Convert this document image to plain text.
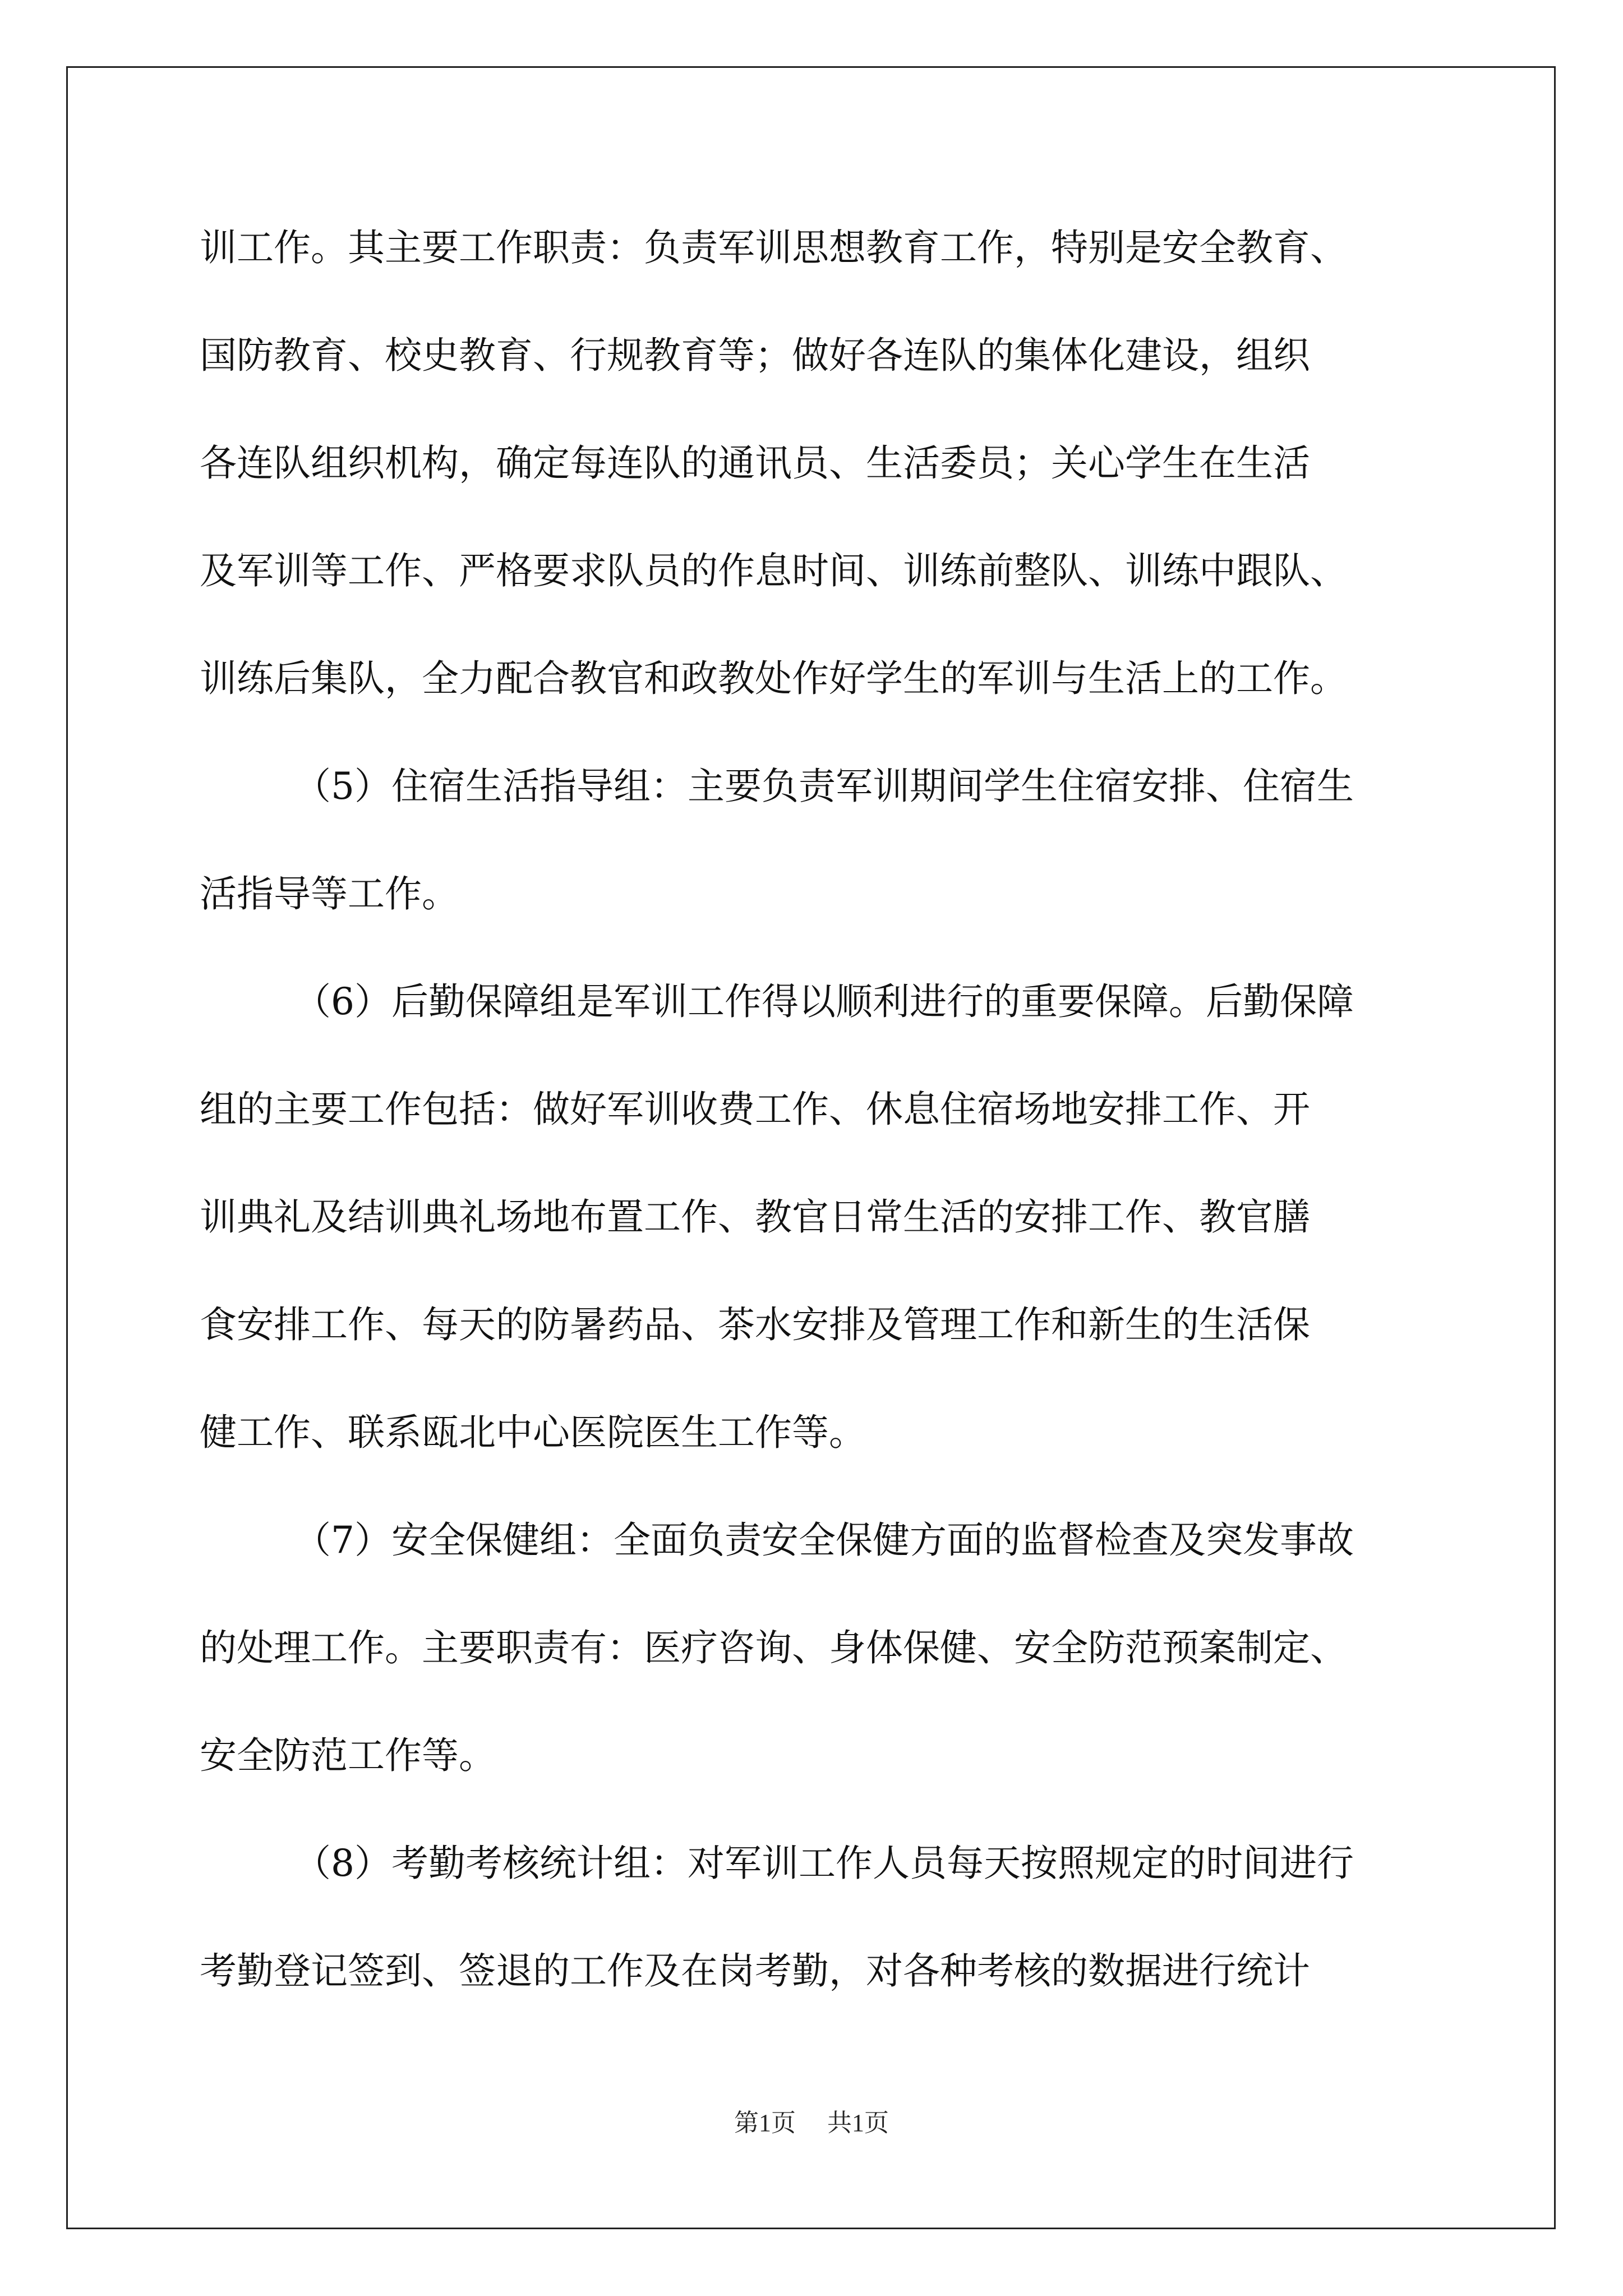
训工作。其主要工作职责：负责军训思想教育工作，特别是安全教育、
国防教育、校史教育、行规教育等；做好各连队的集体化建设，组织
各连队组织机构，确定每连队的通讯员、生活委员；关心学生在生活
及军训等工作、严格要求队员的作息时间、训练前整队、训练中跟队、
训练后集队，全力配合教官和政教处作好学生的军训与生活上的工作。
（5）住宿生活指导组：主要负责军训期间学生住宿安排、住宿生
活指导等工作。
（6）后勤保障组是军训工作得以顺利进行的重要保障。后勤保障
组的主要工作包括：做好军训收费工作、休息住宿场地安排工作、开
训典礼及结训典礼场地布置工作、教官日常生活的安排工作、教官膳
食安排工作、每天的防暑药品、茶水安排及管理工作和新生的生活保
健工作、联系瓯北中心医院医生工作等。
（7）安全保健组：全面负责安全保健方面的监督检查及突发事故
的处理工作。主要职责有：医疗咨询、身体保健、安全防范预案制定、
安全防范工作等。
（8）考勤考核统计组：对军训工作人员每天按照规定的时间进行
考勤登记签到、签退的工作及在岗考勤，对各种考核的数据进行统计
第1页 共1页
